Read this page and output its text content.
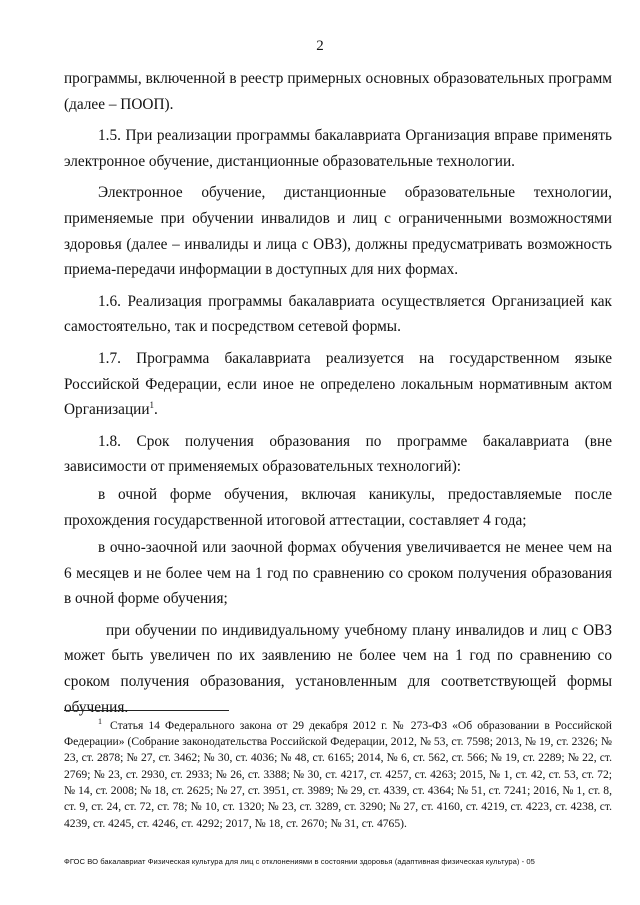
2

программы, включенной в реестр примерных основных образовательных программ (далее – ПООП).

1.5. При реализации программы бакалавриата Организация вправе применять электронное обучение, дистанционные образовательные технологии.

Электронное обучение, дистанционные образовательные технологии, применяемые при обучении инвалидов и лиц с ограниченными возможностями здоровья (далее – инвалиды и лица с ОВЗ), должны предусматривать возможность приема-передачи информации в доступных для них формах.

1.6. Реализация программы бакалавриата осуществляется Организацией как самостоятельно, так и посредством сетевой формы.

1.7. Программа бакалавриата реализуется на государственном языке Российской Федерации, если иное не определено локальным нормативным актом Организации$^1$.

1.8. Срок получения образования по программе бакалавриата (вне зависимости от применяемых образовательных технологий):

в очной форме обучения, включая каникулы, предоставляемые после прохождения государственной итоговой аттестации, составляет 4 года;

в очно-заочной или заочной формах обучения увеличивается не менее чем на 6 месяцев и не более чем на 1 год по сравнению со сроком получения образования в очной форме обучения;

при обучении по индивидуальному учебному плану инвалидов и лиц с ОВЗ может быть увеличен по их заявлению не более чем на 1 год по сравнению со сроком получения образования, установленным для соответствующей формы обучения.

$^1$ Статья 14 Федерального закона от 29 декабря 2012 г. № 273-ФЗ «Об образовании в Российской Федерации» (Собрание законодательства Российской Федерации, 2012, № 53, ст. 7598; 2013, № 19, ст. 2326; № 23, ст. 2878; № 27, ст. 3462; № 30, ст. 4036; № 48, ст. 6165; 2014, № 6, ст. 562, ст. 566; № 19, ст. 2289; № 22, ст. 2769; № 23, ст. 2930, ст. 2933; № 26, ст. 3388; № 30, ст. 4217, ст. 4257, ст. 4263; 2015, № 1, ст. 42, ст. 53, ст. 72; № 14, ст. 2008; № 18, ст. 2625; № 27, ст. 3951, ст. 3989; № 29, ст. 4339, ст. 4364; № 51, ст. 7241; 2016, № 1, ст. 8, ст. 9, ст. 24, ст. 72, ст. 78; № 10, ст. 1320; № 23, ст. 3289, ст. 3290; № 27, ст. 4160, ст. 4219, ст. 4223, ст. 4238, ст. 4239, ст. 4245, ст. 4246, ст. 4292; 2017, № 18, ст. 2670; № 31, ст. 4765).
ФГОС ВО бакалавриат Физическая культура для лиц с отклонениями в состоянии здоровья (адаптивная физическая культура) - 05
